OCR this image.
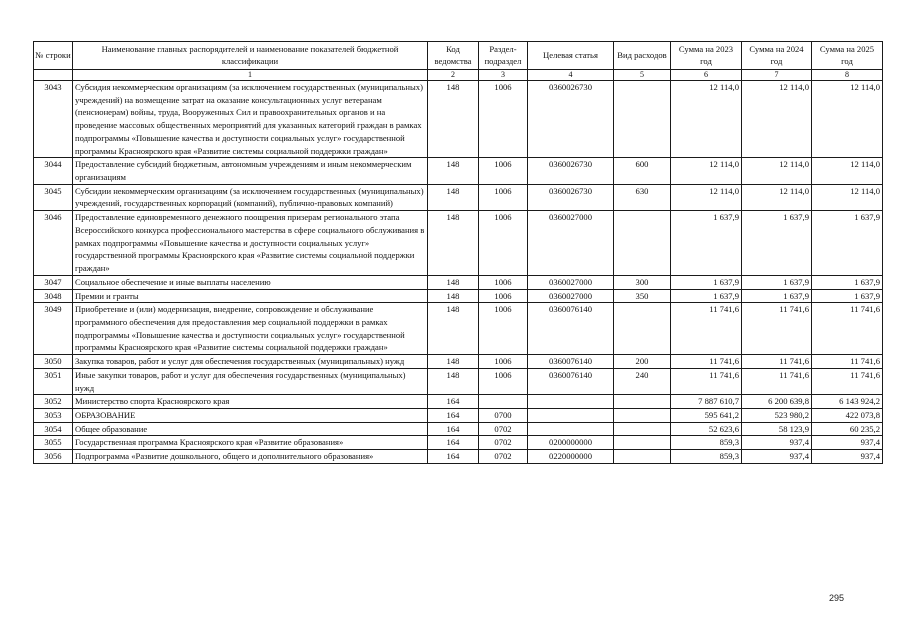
№ строки	Наименование главных распорядителей и наименование показателей бюджетной классификации	Код ведомства	Раздел-подраздел	Целевая статья	Вид расходов	Сумма на 2023 год	Сумма на 2024 год	Сумма на 2025 год
	1	2	3	4	5	6	7	8
3043	Субсидия некоммерческим организациям (за исключением государственных (муниципальных) учреждений) на возмещение затрат на оказание консультационных услуг ветеранам (пенсионерам) войны, труда, Вооруженных Сил и правоохранительных органов и на проведение массовых общественных мероприятий для указанных категорий граждан в рамках подпрограммы «Повышение качества и доступности социальных услуг» государственной программы Красноярского края «Развитие системы социальной поддержки граждан»	148	1006	0360026730		12 114,0	12 114,0	12 114,0
3044	Предоставление субсидий бюджетным, автономным учреждениям и иным некоммерческим организациям	148	1006	0360026730	600	12 114,0	12 114,0	12 114,0
3045	Субсидии некоммерческим организациям (за исключением государственных (муниципальных) учреждений, государственных корпораций (компаний), публично-правовых компаний)	148	1006	0360026730	630	12 114,0	12 114,0	12 114,0
3046	Предоставление единовременного денежного поощрения призерам регионального этапа Всероссийского конкурса профессионального мастерства в сфере социального обслуживания в рамках подпрограммы «Повышение качества и доступности социальных услуг» государственной программы Красноярского края «Развитие системы социальной поддержки граждан»	148	1006	0360027000		1 637,9	1 637,9	1 637,9
3047	Социальное обеспечение и иные выплаты населению	148	1006	0360027000	300	1 637,9	1 637,9	1 637,9
3048	Премии и гранты	148	1006	0360027000	350	1 637,9	1 637,9	1 637,9
3049	Приобретение и (или) модернизация, внедрение, сопровождение и обслуживание программного обеспечения для предоставления мер социальной поддержки в рамках подпрограммы «Повышение качества и доступности социальных услуг» государственной программы Красноярского края «Развитие системы социальной поддержки граждан»	148	1006	0360076140		11 741,6	11 741,6	11 741,6
3050	Закупка товаров, работ и услуг для обеспечения государственных (муниципальных) нужд	148	1006	0360076140	200	11 741,6	11 741,6	11 741,6
3051	Иные закупки товаров, работ и услуг для обеспечения государственных (муниципальных) нужд	148	1006	0360076140	240	11 741,6	11 741,6	11 741,6
3052	Министерство спорта Красноярского края	164				7 887 610,7	6 200 639,8	6 143 924,2
3053	ОБРАЗОВАНИЕ	164	0700			595 641,2	523 980,2	422 073,8
3054	Общее образование	164	0702			52 623,6	58 123,9	60 235,2
3055	Государственная программа Красноярского края «Развитие образования»	164	0702	0200000000		859,3	937,4	937,4
3056	Подпрограмма «Развитие дошкольного, общего и дополнительного образования»	164	0702	0220000000		859,3	937,4	937,4
295
